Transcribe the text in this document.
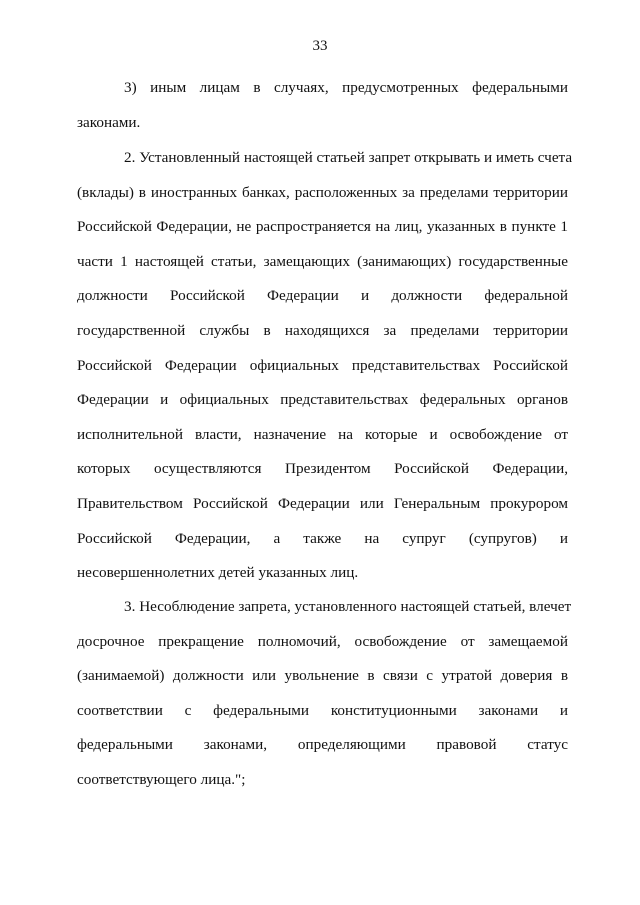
33
3) иным лицам в случаях, предусмотренных федеральными
законами.
2. Установленный настоящей статьей запрет открывать и иметь счета
(вклады) в иностранных банках, расположенных за пределами территории
Российской Федерации, не распространяется на лиц, указанных в пункте 1
части 1 настоящей статьи, замещающих (занимающих) государственные
должности Российской Федерации и должности федеральной
государственной службы в находящихся за пределами территории
Российской Федерации официальных представительствах Российской
Федерации и официальных представительствах федеральных органов
исполнительной власти, назначение на которые и освобождение от
которых осуществляются Президентом Российской Федерации,
Правительством Российской Федерации или Генеральным прокурором
Российской Федерации, а также на супруг (супругов) и
несовершеннолетних детей указанных лиц.
3. Несоблюдение запрета, установленного настоящей статьей, влечет
досрочное прекращение полномочий, освобождение от замещаемой
(занимаемой) должности или увольнение в связи с утратой доверия в
соответствии с федеральными конституционными законами и
федеральными законами, определяющими правовой статус
соответствующего лица.";
